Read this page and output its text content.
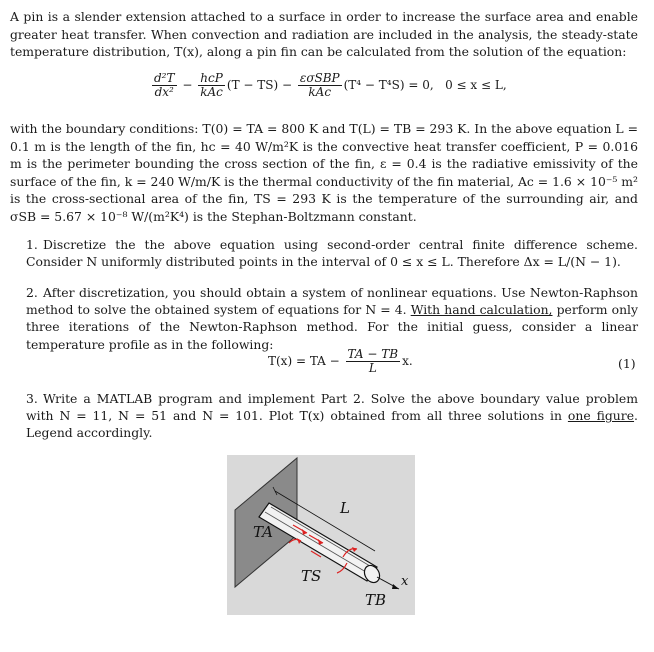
A pin is a slender extension attached to a surface in order to increase the surface area and enable greater heat transfer. When convection and radiation are included in the analysis, the steady-state temperature distribution, T(x), along a pin fin can be calculated from the solution of the equation:

$\frac{\text{d²T}}{\text{dx²}} - \frac{\text{hcP}}{\text{kAc}} (T - TS) - \frac{\text{εσSBP}}{\text{kAc}} (T^4 - T^4S) = 0$, 0 ≤ x ≤ L,

with the boundary conditions: T(0) = TA = 800 K and T(L) = TB = 293 K. In the above equation L = 0.1 m is the length of the fin, hc = 40 W/m²K is the convective heat transfer coefficient, P = 0.016 m is the perimeter bounding the cross section of the fin, ε = 0.4 is the radiative emissivity of the surface of the fin, k = 240 W/m/K is the thermal conductivity of the fin material, Ac = 1.6 × 10⁻⁵ m² is the cross-sectional area of the fin, TS = 293 K is the temperature of the surrounding air, and σSB = 5.67 × 10⁻⁸ W/(m²K⁴) is the Stephan-Boltzmann constant.

1. Discretize the the above equation using second-order central finite difference scheme. Consider N uniformly distributed points in the interval of 0 ≤ x ≤ L. Therefore Δx = L/(N − 1).
2. After discretization, you should obtain a system of nonlinear equations. Use Newton-Raphson method to solve the obtained system of equations for N = 4. With hand calculation, perform only three iterations of the Newton-Raphson method. For the initial guess, consider a linear temperature profile as in the following:
T(x) = TA − $\frac{TA - TB}{L} x$.	(1)
3. Write a MATLAB program and implement Part 2. Solve the above boundary value problem with N = 11, N = 51 and N = 101. Plot T(x) obtained from all three solutions in one figure. Legend accordingly.
L
TA
TS
TB
x
